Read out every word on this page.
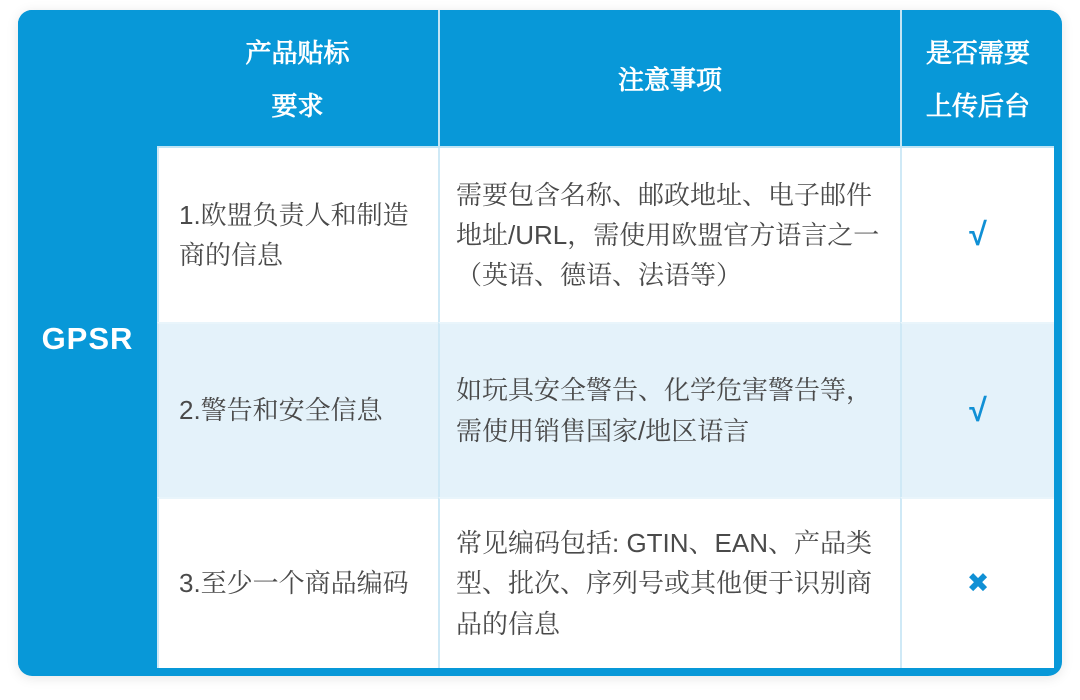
GPSR
产品贴标
要求
注意事项
是否需要
上传后台
1.欧盟负责人和制造商的信息
需要包含名称、邮政地址、电子邮件地址/URL，需使用欧盟官方语言之一（英语、德语、法语等）
√
2.警告和安全信息
如玩具安全警告、化学危害警告等，需使用销售国家/地区语言
√
3.至少一个商品编码
常见编码包括: GTIN、EAN、产品类型、批次、序列号或其他便于识别商品的信息
✖
